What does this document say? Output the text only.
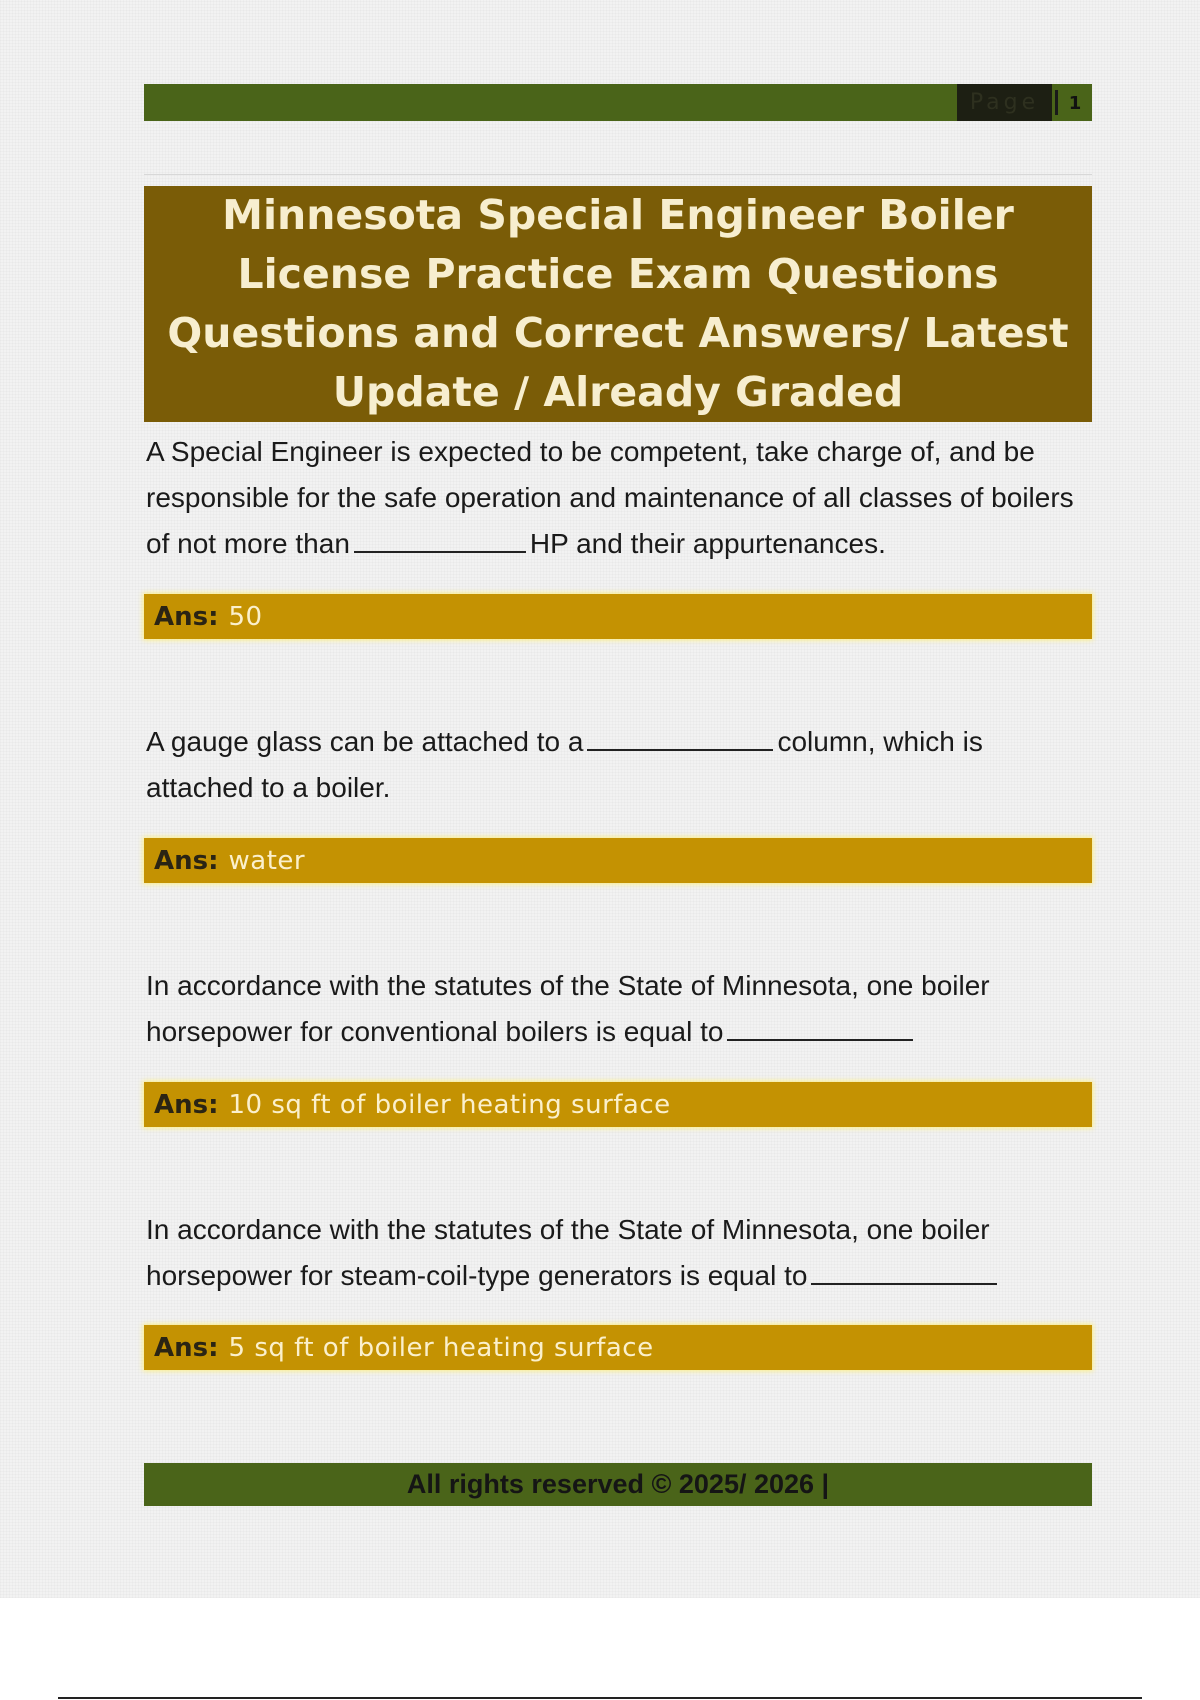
Page	1
Minnesota Special Engineer Boiler License Practice Exam Questions Questions and Correct Answers/ Latest Update / Already Graded

A Special Engineer is expected to be competent, take charge of, and be responsible for the safe operation and maintenance of all classes of boilers of not more than	HP and their appurtenances.

Ans: 50

A gauge glass can be attached to a	column, which is attached to a boiler.

Ans: water

In accordance with the statutes of the State of Minnesota, one boiler horsepower for conventional boilers is equal to

Ans: 10 sq ft of boiler heating surface

In accordance with the statutes of the State of Minnesota, one boiler horsepower for steam-coil-type generators is equal to

Ans: 5 sq ft of boiler heating surface
All rights reserved © 2025/ 2026 |
